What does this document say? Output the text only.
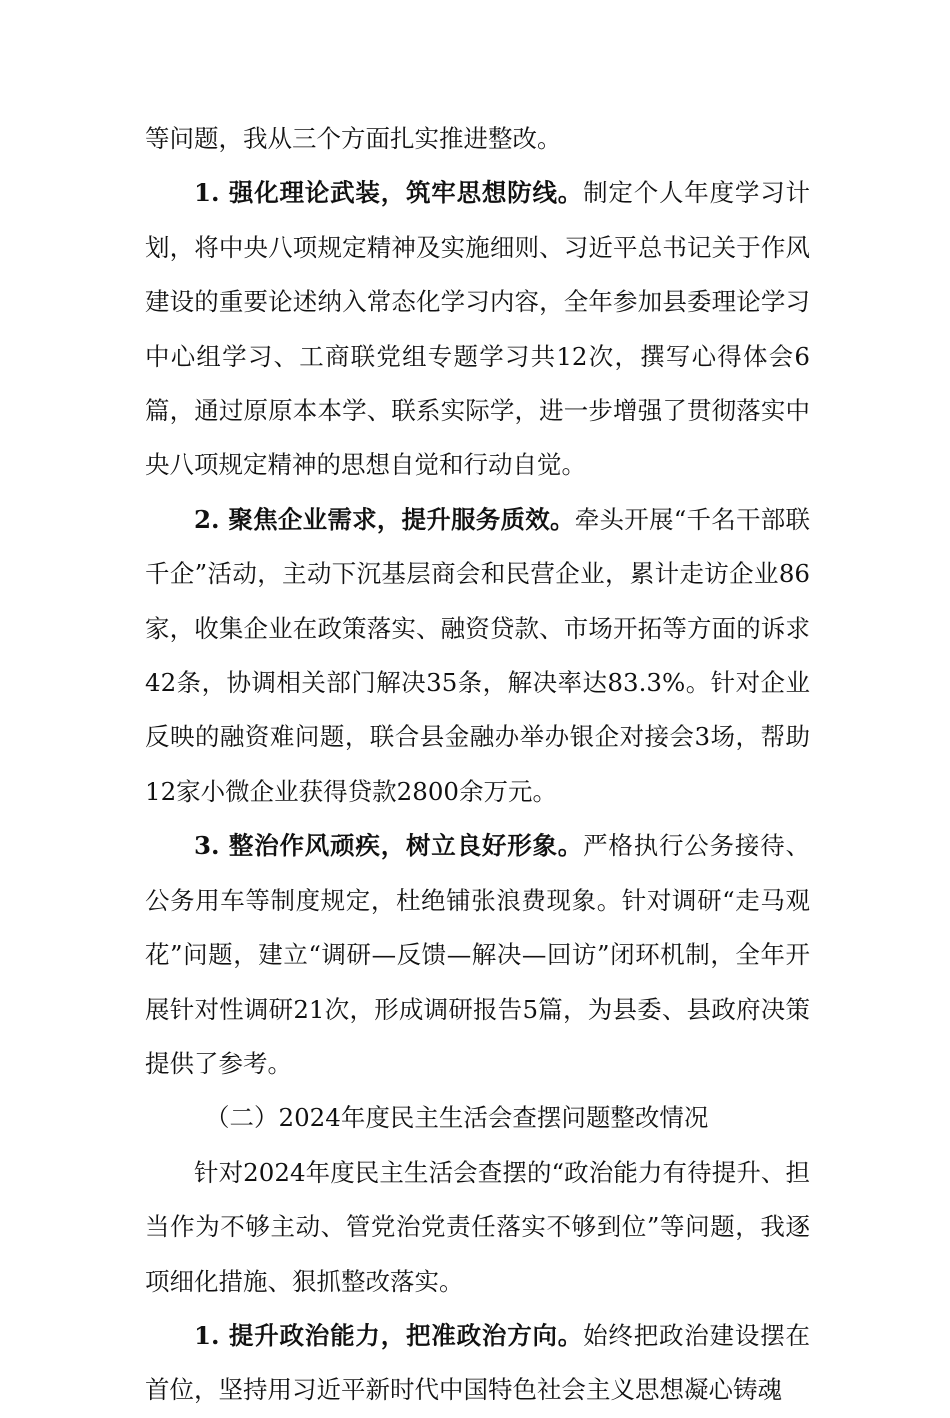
等问题，我从三个方面扎实推进整改。

1. 强化理论武装，筑牢思想防线。制定个人年度学习计划，将中央八项规定精神及实施细则、习近平总书记关于作风建设的重要论述纳入常态化学习内容，全年参加县委理论学习中心组学习、工商联党组专题学习共12次，撰写心得体会6篇，通过原原本本学、联系实际学，进一步增强了贯彻落实中央八项规定精神的思想自觉和行动自觉。

2. 聚焦企业需求，提升服务质效。牵头开展“千名干部联千企”活动，主动下沉基层商会和民营企业，累计走访企业86家，收集企业在政策落实、融资贷款、市场开拓等方面的诉求42条，协调相关部门解决35条，解决率达83.3%。针对企业反映的融资难问题，联合县金融办举办银企对接会3场，帮助12家小微企业获得贷款2800余万元。

3. 整治作风顽疾，树立良好形象。严格执行公务接待、公务用车等制度规定，杜绝铺张浪费现象。针对调研“走马观花”问题，建立“调研—反馈—解决—回访”闭环机制，全年开展针对性调研21次，形成调研报告5篇，为县委、县政府决策提供了参考。

（二）2024年度民主生活会查摆问题整改情况

针对2024年度民主生活会查摆的“政治能力有待提升、担当作为不够主动、管党治党责任落实不够到位”等问题，我逐项细化措施、狠抓整改落实。

1. 提升政治能力，把准政治方向。始终把政治建设摆在首位，坚持用习近平新时代中国特色社会主义思想凝心铸魂
